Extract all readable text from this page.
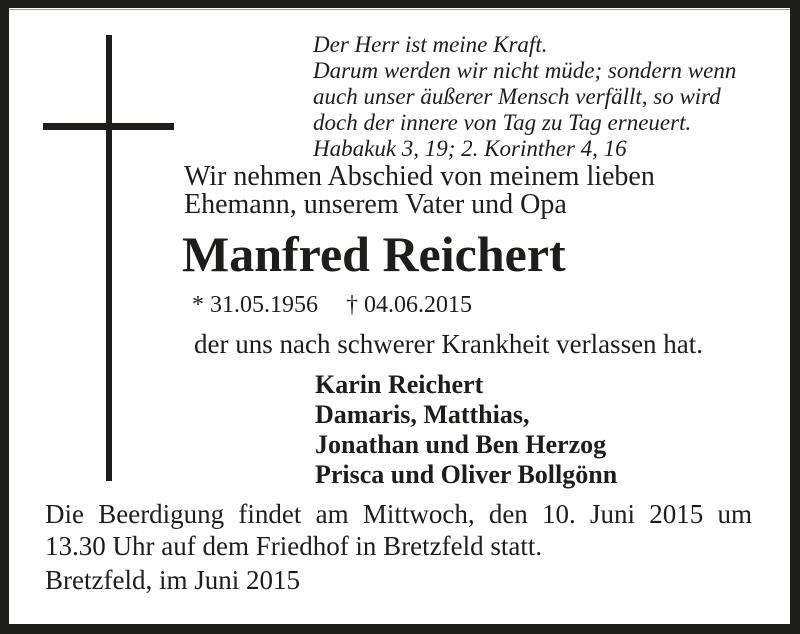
Der Herr ist meine Kraft.
Darum werden wir nicht müde; sondern wenn
auch unser äußerer Mensch verfällt, so wird
doch der innere von Tag zu Tag erneuert.
Habakuk 3, 19; 2. Korinther 4, 16
Wir nehmen Abschied von meinem lieben
Ehemann, unserem Vater und Opa
Manfred Reichert
* 31.05.1956 † 04.06.2015
der uns nach schwerer Krankheit verlassen hat.
Karin Reichert
Damaris, Matthias,
Jonathan und Ben Herzog
Prisca und Oliver Bollgönn
Die Beerdigung findet am Mittwoch, den 10. Juni 2015 um
13.30 Uhr auf dem Friedhof in Bretzfeld statt.
Bretzfeld, im Juni 2015
